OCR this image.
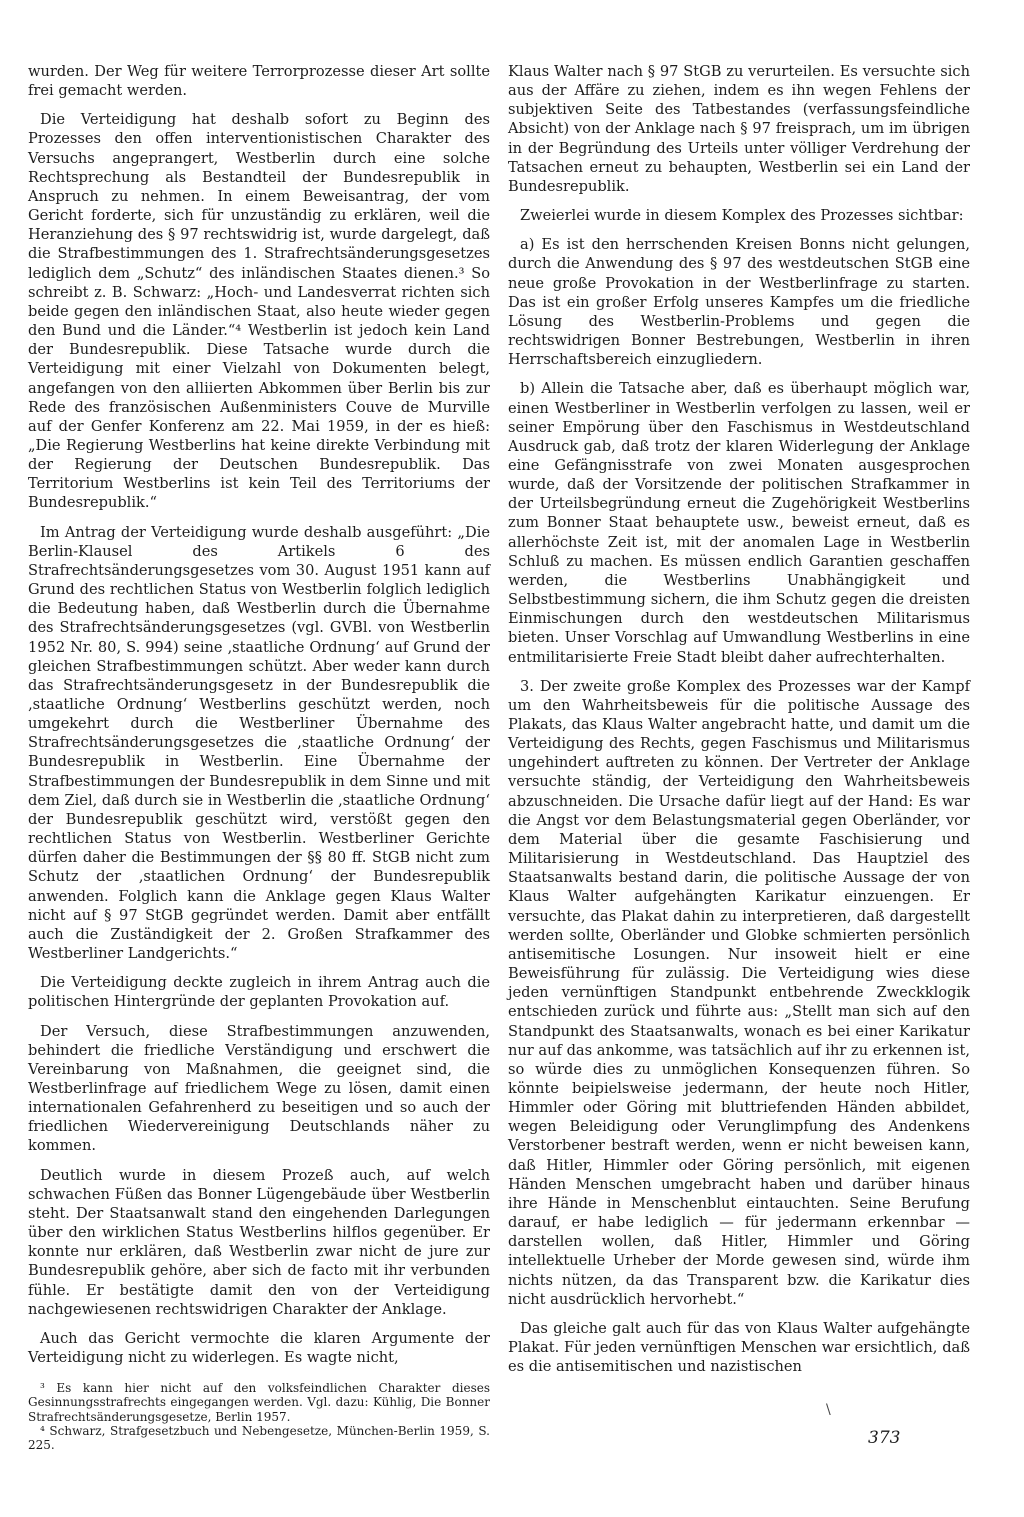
wurden. Der Weg für weitere Terrorprozesse dieser Art sollte frei gemacht werden.

Die Verteidigung hat deshalb sofort zu Beginn des Prozesses den offen interventionistischen Charakter des Versuchs angeprangert, Westberlin durch eine solche Rechtsprechung als Bestandteil der Bundesrepublik in Anspruch zu nehmen. In einem Beweisantrag, der vom Gericht forderte, sich für unzuständig zu erklären, weil die Heranziehung des § 97 rechtswidrig ist, wurde dargelegt, daß die Strafbestimmungen des 1. Strafrechtsänderungsgesetzes lediglich dem „Schutz“ des inländischen Staates dienen.³ So schreibt z. B. Schwarz: „Hoch- und Landesverrat richten sich beide gegen den inländischen Staat, also heute wieder gegen den Bund und die Länder.“⁴ Westberlin ist jedoch kein Land der Bundesrepublik. Diese Tatsache wurde durch die Verteidigung mit einer Vielzahl von Dokumenten belegt, angefangen von den alliierten Abkommen über Berlin bis zur Rede des französischen Außenministers Couve de Murville auf der Genfer Konferenz am 22. Mai 1959, in der es hieß: „Die Regierung Westberlins hat keine direkte Verbindung mit der Regierung der Deutschen Bundesrepublik. Das Territorium Westberlins ist kein Teil des Territoriums der Bundesrepublik.“

Im Antrag der Verteidigung wurde deshalb ausgeführt: „Die Berlin-Klausel des Artikels 6 des Strafrechtsänderungsgesetzes vom 30. August 1951 kann auf Grund des rechtlichen Status von Westberlin folglich lediglich die Bedeutung haben, daß Westberlin durch die Übernahme des Strafrechtsänderungsgesetzes (vgl. GVBl. von Westberlin 1952 Nr. 80, S. 994) seine ‚staatliche Ordnung‘ auf Grund der gleichen Strafbestimmungen schützt. Aber weder kann durch das Strafrechtsänderungsgesetz in der Bundesrepublik die ‚staatliche Ordnung‘ Westberlins geschützt werden, noch umgekehrt durch die Westberliner Übernahme des Strafrechtsänderungsgesetzes die ‚staatliche Ordnung‘ der Bundesrepublik in Westberlin. Eine Übernahme der Strafbestimmungen der Bundesrepublik in dem Sinne und mit dem Ziel, daß durch sie in Westberlin die ‚staatliche Ordnung‘ der Bundesrepublik geschützt wird, verstößt gegen den rechtlichen Status von Westberlin. Westberliner Gerichte dürfen daher die Bestimmungen der §§ 80 ff. StGB nicht zum Schutz der ‚staatlichen Ordnung‘ der Bundesrepublik anwenden. Folglich kann die Anklage gegen Klaus Walter nicht auf § 97 StGB gegründet werden. Damit aber entfällt auch die Zuständigkeit der 2. Großen Strafkammer des Westberliner Landgerichts.“

Die Verteidigung deckte zugleich in ihrem Antrag auch die politischen Hintergründe der geplanten Provokation auf.

Der Versuch, diese Strafbestimmungen anzuwenden, behindert die friedliche Verständigung und erschwert die Vereinbarung von Maßnahmen, die geeignet sind, die Westberlinfrage auf friedlichem Wege zu lösen, damit einen internationalen Gefahrenherd zu beseitigen und so auch der friedlichen Wiedervereinigung Deutschlands näher zu kommen.

Deutlich wurde in diesem Prozeß auch, auf welch schwachen Füßen das Bonner Lügengebäude über Westberlin steht. Der Staatsanwalt stand den eingehenden Darlegungen über den wirklichen Status Westberlins hilflos gegenüber. Er konnte nur erklären, daß Westberlin zwar nicht de jure zur Bundesrepublik gehöre, aber sich de facto mit ihr verbunden fühle. Er bestätigte damit den von der Verteidigung nachgewiesenen rechtswidrigen Charakter der Anklage.

Auch das Gericht vermochte die klaren Argumente der Verteidigung nicht zu widerlegen. Es wagte nicht,

³ Es kann hier nicht auf den volksfeindlichen Charakter dieses Gesinnungsstrafrechts eingegangen werden. Vgl. dazu: Kühlig, Die Bonner Strafrechtsänderungsgesetze, Berlin 1957.

⁴ Schwarz, Strafgesetzbuch und Nebengesetze, München-Berlin 1959, S. 225.

Klaus Walter nach § 97 StGB zu verurteilen. Es versuchte sich aus der Affäre zu ziehen, indem es ihn wegen Fehlens der subjektiven Seite des Tatbestandes (verfassungsfeindliche Absicht) von der Anklage nach § 97 freisprach, um im übrigen in der Begründung des Urteils unter völliger Verdrehung der Tatsachen erneut zu behaupten, Westberlin sei ein Land der Bundesrepublik.

Zweierlei wurde in diesem Komplex des Prozesses sichtbar:

a) Es ist den herrschenden Kreisen Bonns nicht gelungen, durch die Anwendung des § 97 des westdeutschen StGB eine neue große Provokation in der Westberlinfrage zu starten. Das ist ein großer Erfolg unseres Kampfes um die friedliche Lösung des Westberlin-Problems und gegen die rechtswidrigen Bonner Bestrebungen, Westberlin in ihren Herrschaftsbereich einzugliedern.

b) Allein die Tatsache aber, daß es überhaupt möglich war, einen Westberliner in Westberlin verfolgen zu lassen, weil er seiner Empörung über den Faschismus in Westdeutschland Ausdruck gab, daß trotz der klaren Widerlegung der Anklage eine Gefängnisstrafe von zwei Monaten ausgesprochen wurde, daß der Vorsitzende der politischen Strafkammer in der Urteilsbegründung erneut die Zugehörigkeit Westberlins zum Bonner Staat behauptete usw., beweist erneut, daß es allerhöchste Zeit ist, mit der anomalen Lage in Westberlin Schluß zu machen. Es müssen endlich Garantien geschaffen werden, die Westberlins Unabhängigkeit und Selbstbestimmung sichern, die ihm Schutz gegen die dreisten Einmischungen durch den westdeutschen Militarismus bieten. Unser Vorschlag auf Umwandlung Westberlins in eine entmilitarisierte Freie Stadt bleibt daher aufrechterhalten.

3. Der zweite große Komplex des Prozesses war der Kampf um den Wahrheitsbeweis für die politische Aussage des Plakats, das Klaus Walter angebracht hatte, und damit um die Verteidigung des Rechts, gegen Faschismus und Militarismus ungehindert auftreten zu können. Der Vertreter der Anklage versuchte ständig, der Verteidigung den Wahrheitsbeweis abzuschneiden. Die Ursache dafür liegt auf der Hand: Es war die Angst vor dem Belastungsmaterial gegen Oberländer, vor dem Material über die gesamte Faschisierung und Militarisierung in Westdeutschland. Das Hauptziel des Staatsanwalts bestand darin, die politische Aussage der von Klaus Walter aufgehängten Karikatur einzuengen. Er versuchte, das Plakat dahin zu interpretieren, daß dargestellt werden sollte, Oberländer und Globke schmierten persönlich antisemitische Losungen. Nur insoweit hielt er eine Beweisführung für zulässig. Die Verteidigung wies diese jeden vernünftigen Standpunkt entbehrende Zweckklogik entschieden zurück und führte aus: „Stellt man sich auf den Standpunkt des Staatsanwalts, wonach es bei einer Karikatur nur auf das ankomme, was tatsächlich auf ihr zu erkennen ist, so würde dies zu unmöglichen Konsequenzen führen. So könnte beipielsweise jedermann, der heute noch Hitler, Himmler oder Göring mit bluttriefenden Händen abbildet, wegen Beleidigung oder Verunglimpfung des Andenkens Verstorbener bestraft werden, wenn er nicht beweisen kann, daß Hitler, Himmler oder Göring persönlich, mit eigenen Händen Menschen umgebracht haben und darüber hinaus ihre Hände in Menschenblut eintauchten. Seine Berufung darauf, er habe lediglich — für jedermann erkennbar — darstellen wollen, daß Hitler, Himmler und Göring intellektuelle Urheber der Morde gewesen sind, würde ihm nichts nützen, da das Transparent bzw. die Karikatur dies nicht ausdrücklich hervorhebt.“

Das gleiche galt auch für das von Klaus Walter aufgehängte Plakat. Für jeden vernünftigen Menschen war ersichtlich, daß es die antisemitischen und nazistischen

\
373
